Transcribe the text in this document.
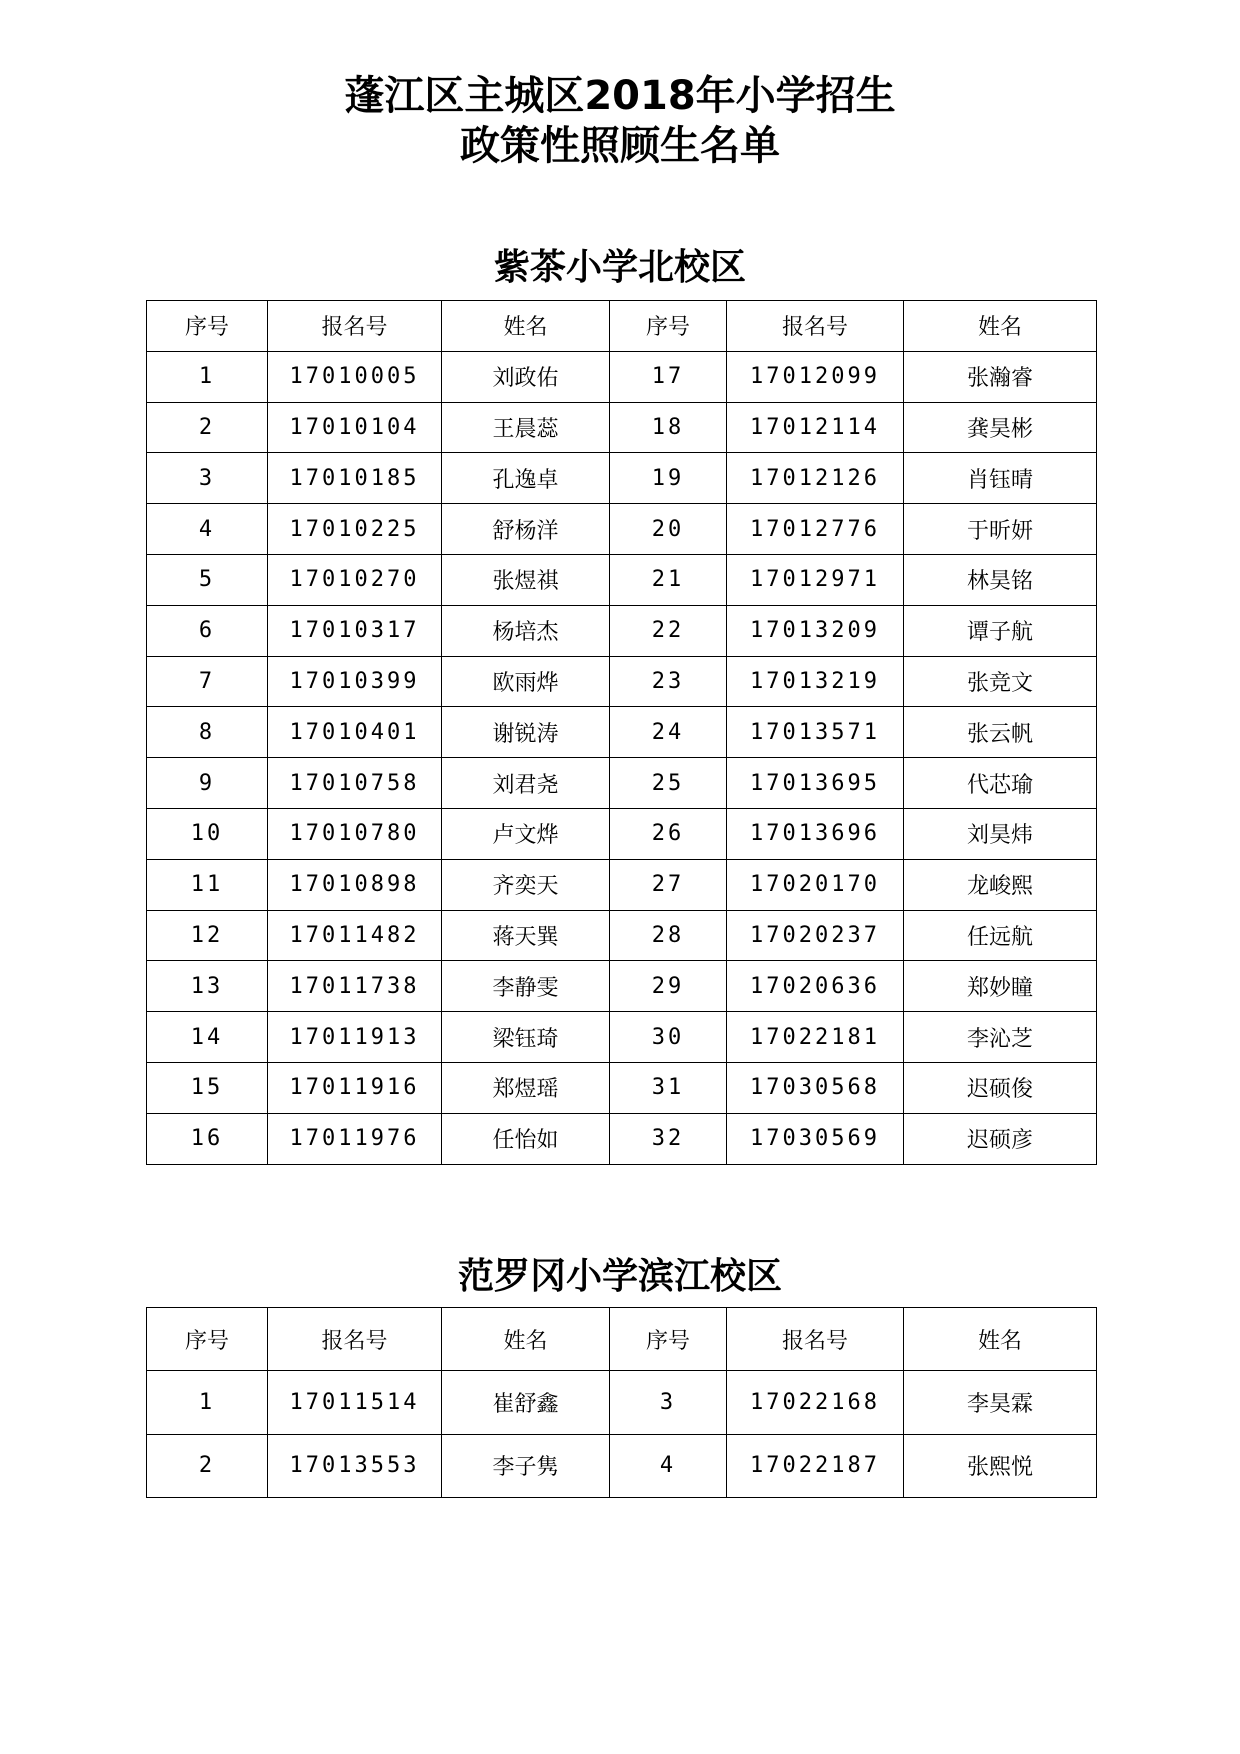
蓬江区主城区2018年小学招生
政策性照顾生名单
紫茶小学北校区
序号	报名号	姓名	序号	报名号	姓名
1	17010005	刘政佑	17	17012099	张瀚睿
2	17010104	王晨蕊	18	17012114	龚昊彬
3	17010185	孔逸卓	19	17012126	肖钰晴
4	17010225	舒杨洋	20	17012776	于昕妍
5	17010270	张煜祺	21	17012971	林昊铭
6	17010317	杨培杰	22	17013209	谭子航
7	17010399	欧雨烨	23	17013219	张竞文
8	17010401	谢锐涛	24	17013571	张云帆
9	17010758	刘君尧	25	17013695	代芯瑜
10	17010780	卢文烨	26	17013696	刘昊炜
11	17010898	齐奕天	27	17020170	龙峻熙
12	17011482	蒋天巽	28	17020237	任远航
13	17011738	李静雯	29	17020636	郑妙瞳
14	17011913	梁钰琦	30	17022181	李沁芝
15	17011916	郑煜瑶	31	17030568	迟硕俊
16	17011976	任怡如	32	17030569	迟硕彦
范罗冈小学滨江校区
序号	报名号	姓名	序号	报名号	姓名
1	17011514	崔舒鑫	3	17022168	李昊霖
2	17013553	李子隽	4	17022187	张熙悦
